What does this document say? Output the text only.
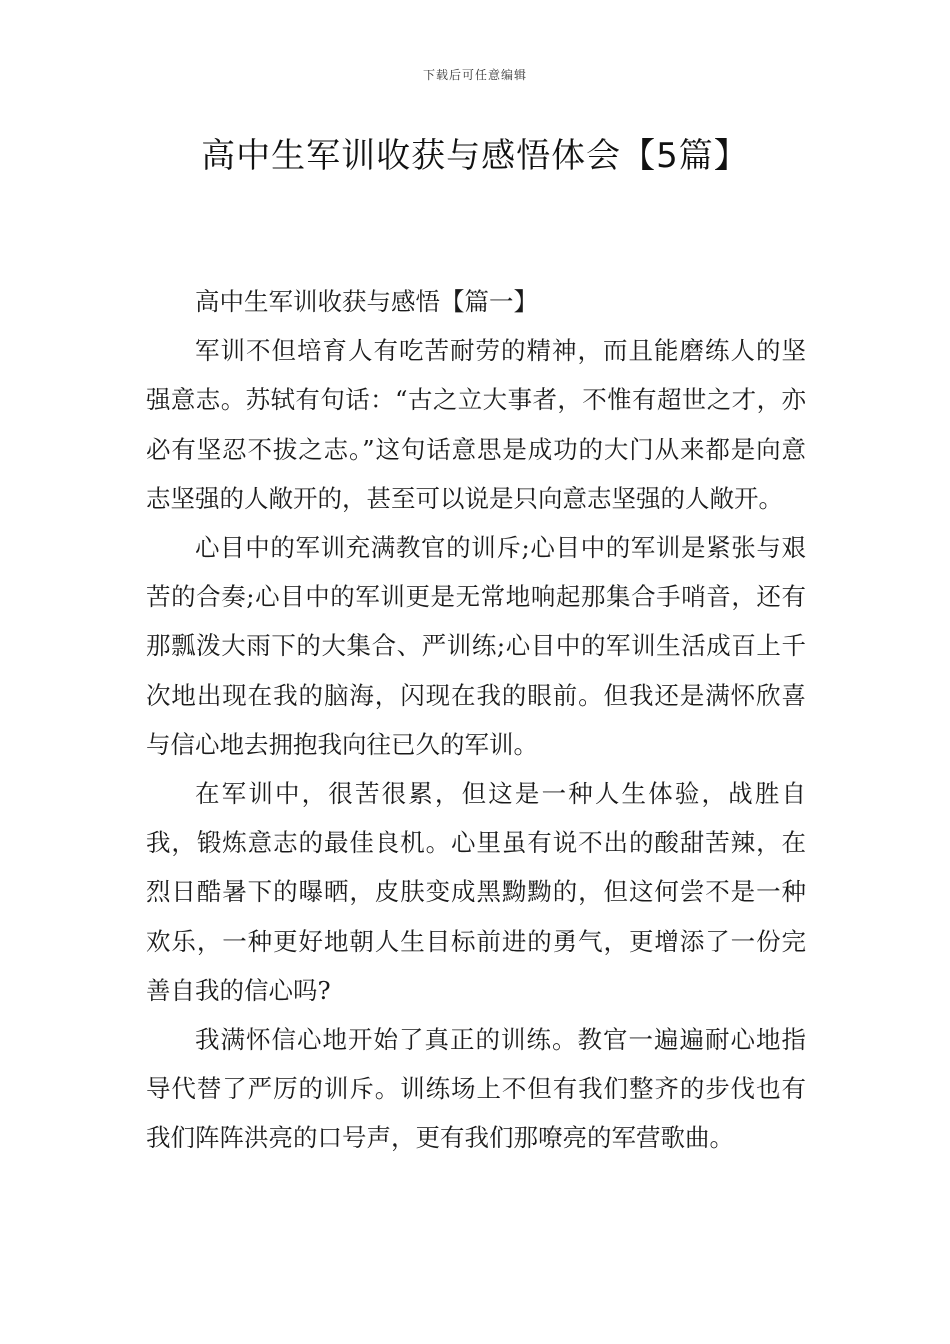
下载后可任意编辑
高中生军训收获与感悟体会【5篇】
高中生军训收获与感悟【篇一】

军训不但培育人有吃苦耐劳的精神，而且能磨练人的坚强意志。苏轼有句话：“古之立大事者，不惟有超世之才，亦必有坚忍不拔之志。”这句话意思是成功的大门从来都是向意志坚强的人敞开的，甚至可以说是只向意志坚强的人敞开。

心目中的军训充满教官的训斥;心目中的军训是紧张与艰苦的合奏;心目中的军训更是无常地响起那集合手哨音，还有那瓢泼大雨下的大集合、严训练;心目中的军训生活成百上千次地出现在我的脑海，闪现在我的眼前。但我还是满怀欣喜与信心地去拥抱我向往已久的军训。

在军训中，很苦很累，但这是一种人生体验，战胜自我，锻炼意志的最佳良机。心里虽有说不出的酸甜苦辣，在烈日酷暑下的曝晒，皮肤变成黑黝黝的，但这何尝不是一种欢乐，一种更好地朝人生目标前进的勇气，更增添了一份完善自我的信心吗?

我满怀信心地开始了真正的训练。教官一遍遍耐心地指导代替了严厉的训斥。训练场上不但有我们整齐的步伐也有我们阵阵洪亮的口号声，更有我们那嘹亮的军营歌曲。
